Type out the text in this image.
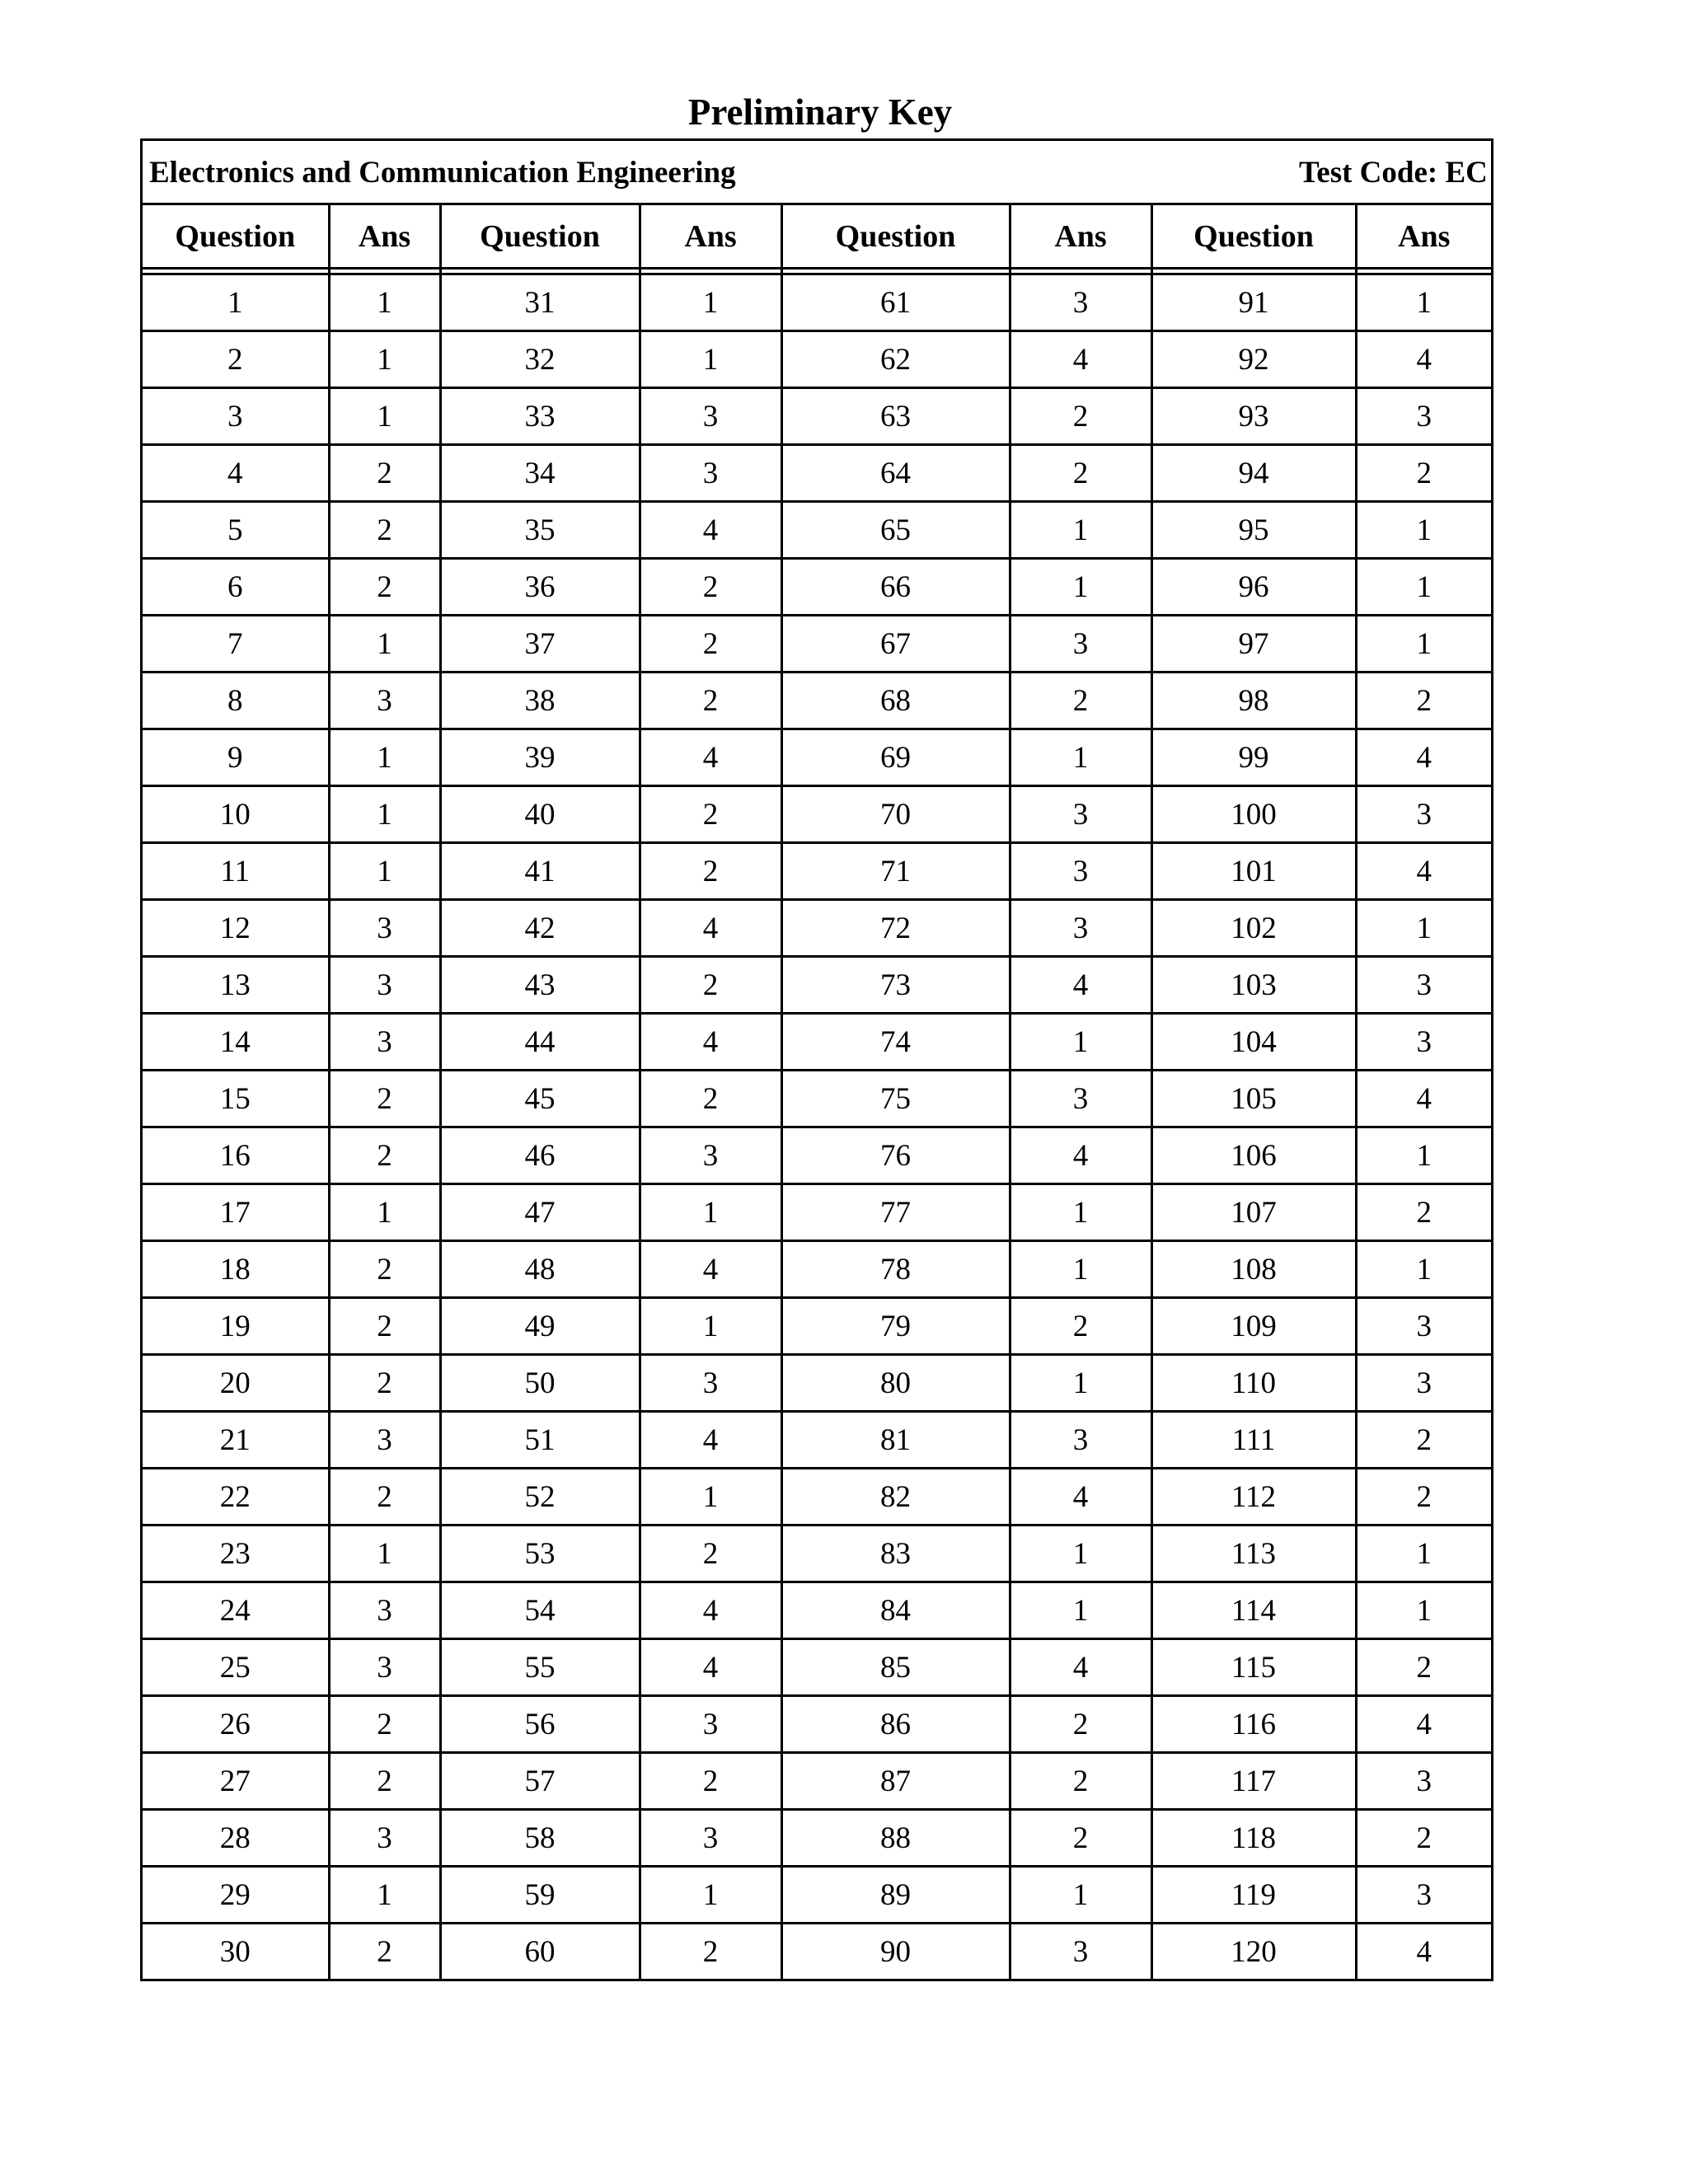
Preliminary Key
Electronics and Communication Engineering	Test Code: EC
Question	Ans	Question	Ans	Question	Ans	Question	Ans

1	1	31	1	61	3	91	1
2	1	32	1	62	4	92	4
3	1	33	3	63	2	93	3
4	2	34	3	64	2	94	2
5	2	35	4	65	1	95	1
6	2	36	2	66	1	96	1
7	1	37	2	67	3	97	1
8	3	38	2	68	2	98	2
9	1	39	4	69	1	99	4
10	1	40	2	70	3	100	3
11	1	41	2	71	3	101	4
12	3	42	4	72	3	102	1
13	3	43	2	73	4	103	3
14	3	44	4	74	1	104	3
15	2	45	2	75	3	105	4
16	2	46	3	76	4	106	1
17	1	47	1	77	1	107	2
18	2	48	4	78	1	108	1
19	2	49	1	79	2	109	3
20	2	50	3	80	1	110	3
21	3	51	4	81	3	111	2
22	2	52	1	82	4	112	2
23	1	53	2	83	1	113	1
24	3	54	4	84	1	114	1
25	3	55	4	85	4	115	2
26	2	56	3	86	2	116	4
27	2	57	2	87	2	117	3
28	3	58	3	88	2	118	2
29	1	59	1	89	1	119	3
30	2	60	2	90	3	120	4
